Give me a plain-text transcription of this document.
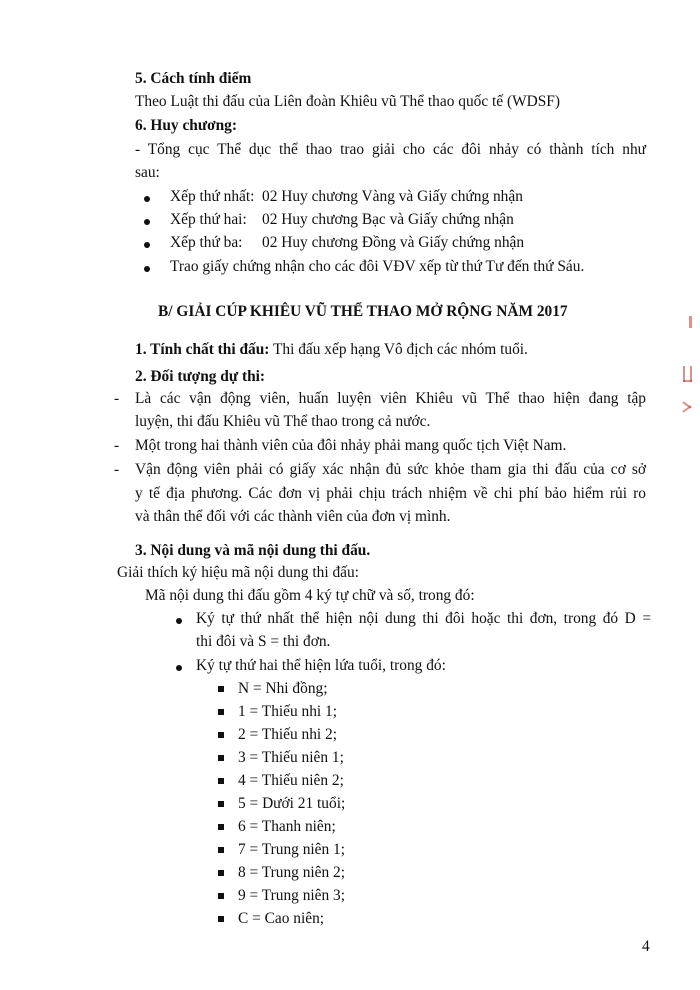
5. Cách tính điểm
Theo Luật thi đấu của Liên đoàn Khiêu vũ Thể thao quốc tế (WDSF)
6. Huy chương:
- Tổng cục Thể dục thể thao trao giải cho các đôi nhảy có thành tích như
sau:
Xếp thứ nhất: 02 Huy chương Vàng và Giấy chứng nhận
Xếp thứ hai: 02 Huy chương Bạc và Giấy chứng nhận
Xếp thứ ba: 02 Huy chương Đồng và Giấy chứng nhận
Trao giấy chứng nhận cho các đôi VĐV xếp từ thứ Tư đến thứ Sáu.
B/ GIẢI CÚP KHIÊU VŨ THỂ THAO MỞ RỘNG NĂM 2017
1. Tính chất thi đấu: Thi đấu xếp hạng Vô địch các nhóm tuổi.
2. Đối tượng dự thi:
- Là các vận động viên, huấn luyện viên Khiêu vũ Thể thao hiện đang tập
luyện, thi đấu Khiêu vũ Thể thao trong cả nước.
- Một trong hai thành viên của đôi nhảy phải mang quốc tịch Việt Nam.
- Vận động viên phải có giấy xác nhận đủ sức khỏe tham gia thi đấu của cơ sở
y tế địa phương. Các đơn vị phải chịu trách nhiệm về chi phí bảo hiểm rủi ro
và thân thể đối với các thành viên của đơn vị mình.
3. Nội dung và mã nội dung thi đấu.
Giải thích ký hiệu mã nội dung thi đấu:
Mã nội dung thi đấu gồm 4 ký tự chữ và số, trong đó:
Ký tự thứ nhất thể hiện nội dung thi đôi hoặc thi đơn, trong đó D =
thi đôi và S = thi đơn.
Ký tự thứ hai thể hiện lứa tuổi, trong đó:
N = Nhi đồng;
1 = Thiếu nhi 1;
2 = Thiếu nhi 2;
3 = Thiếu niên 1;
4 = Thiếu niên 2;
5 = Dưới 21 tuổi;
6 = Thanh niên;
7 = Trung niên 1;
8 = Trung niên 2;
9 = Trung niên 3;
C = Cao niên;
4
